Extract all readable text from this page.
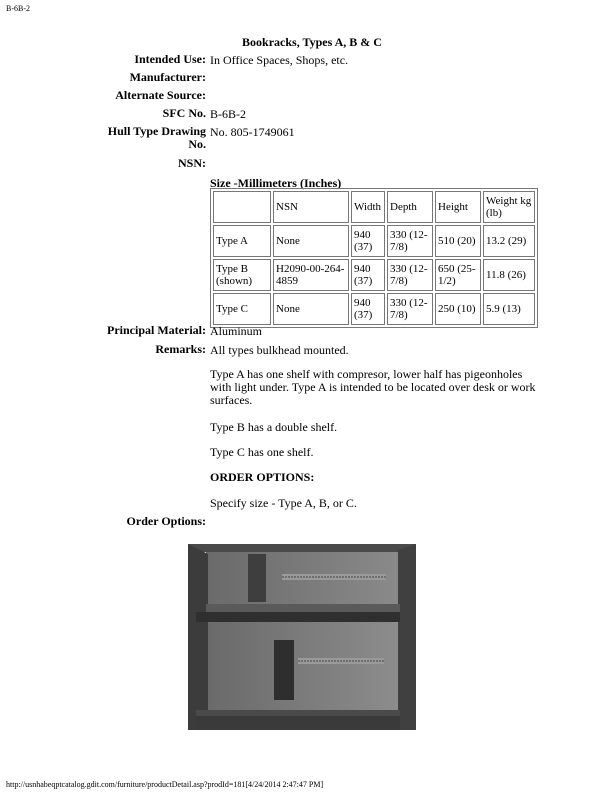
B-6B-2
Bookracks, Types A, B & C
Intended Use: In Office Spaces, Shops, etc.
Manufacturer:
Alternate Source:
SFC No. B-6B-2
Hull Type Drawing
No.
No. 805-1749061
NSN:
Size -Millimeters (Inches)
	NSN	Width	Depth	Height	Weight kg (lb)
Type A	None	940 (37)	330 (12-7/8)	510 (20)	13.2 (29)
Type B (shown)	H2090-00-264-4859	940 (37)	330 (12-7/8)	650 (25-1/2)	11.8 (26)
Type C	None	940 (37)	330 (12-7/8)	250 (10)	5.9 (13)
Principal Material: Aluminum
Remarks: All types bulkhead mounted.
Type A has one shelf with compresor, lower half has pigeonholes with light under. Type A is intended to be located over desk or work surfaces.
Type B has a double shelf.
Type C has one shelf.
ORDER OPTIONS:
Specify size - Type A, B, or C.
Order Options:
http://usnhabeqptcatalog.gdit.com/furniture/productDetail.asp?prodId=181[4/24/2014 2:47:47 PM]
